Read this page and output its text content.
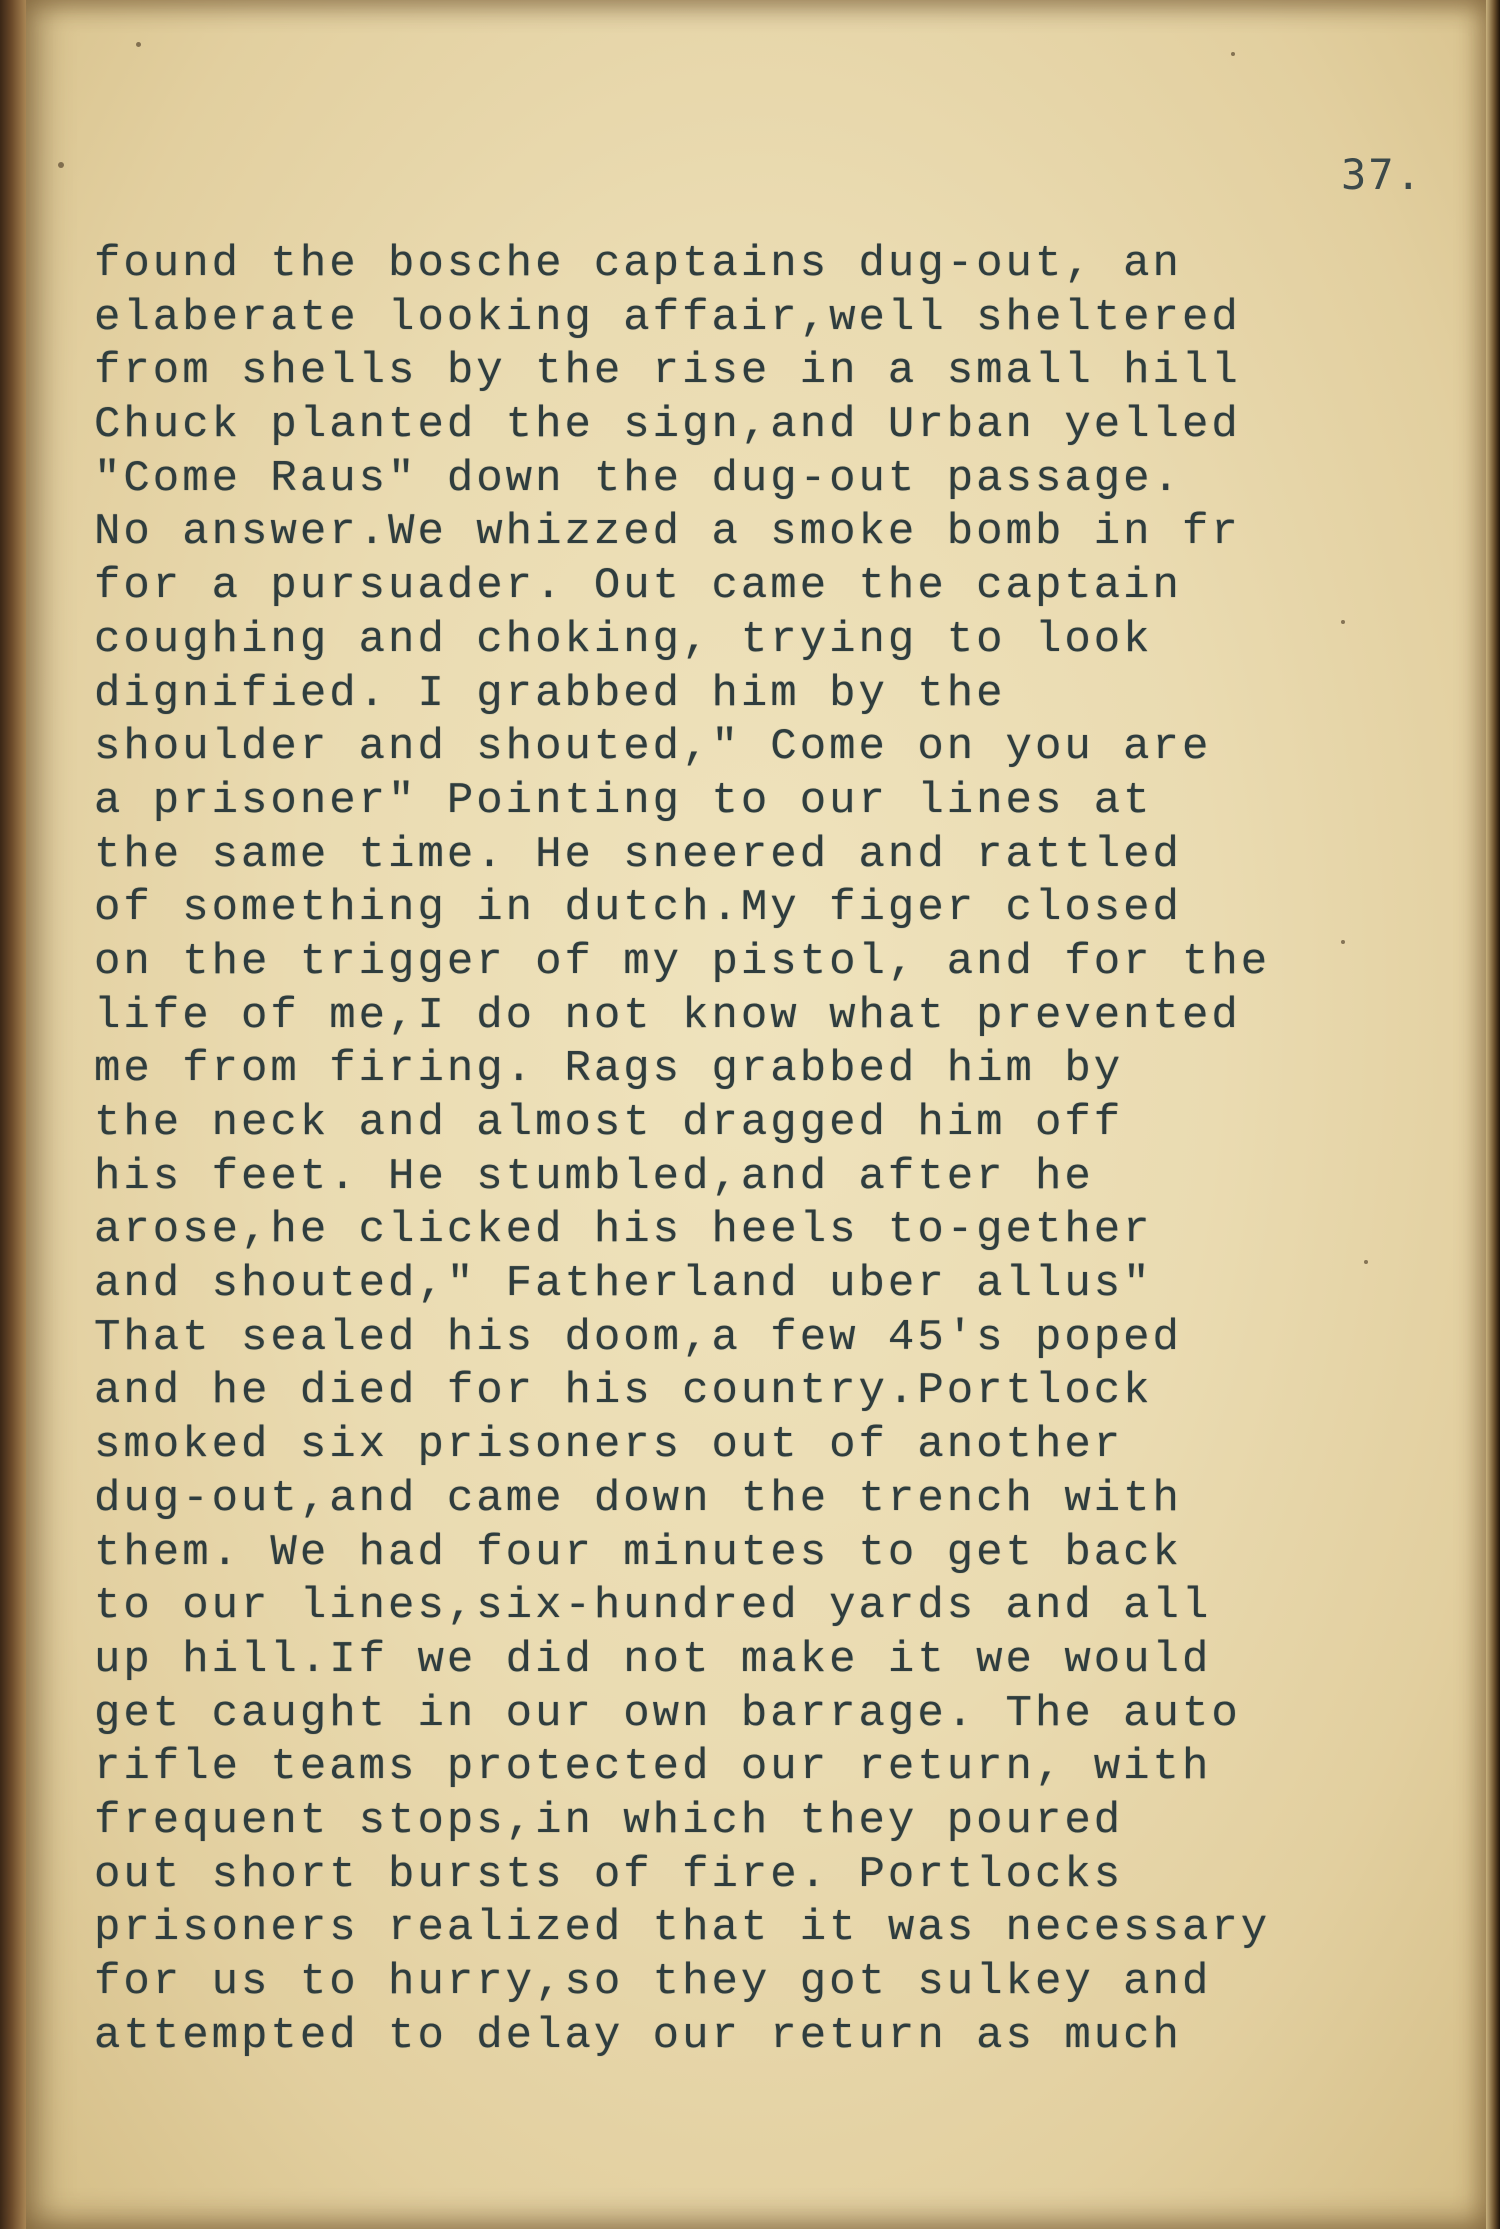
37.
found the bosche captains dug-out, an
elaberate looking affair,well sheltered
from shells by the rise in a small hill
Chuck planted the sign,and Urban yelled
"Come Raus" down the dug-out passage.
No answer.We whizzed a smoke bomb in fr
for a pursuader. Out came the captain
coughing and choking, trying to look
dignified. I grabbed him by the
shoulder and shouted," Come on you are
a prisoner" Pointing to our lines at
the same time. He sneered and rattled
of something in dutch.My figer closed
on the trigger of my pistol, and for the
life of me,I do not know what prevented
me from firing. Rags grabbed him by
the neck and almost dragged him off
his feet. He stumbled,and after he
arose,he clicked his heels to-gether
and shouted," Fatherland uber allus"
That sealed his doom,a few 45's poped
and he died for his country.Portlock
smoked six prisoners out of another
dug-out,and came down the trench with
them. We had four minutes to get back
to our lines,six-hundred yards and all
up hill.If we did not make it we would
get caught in our own barrage. The auto
rifle teams protected our return, with
frequent stops,in which they poured
out short bursts of fire. Portlocks
prisoners realized that it was necessary
for us to hurry,so they got sulkey and
attempted to delay our return as much
